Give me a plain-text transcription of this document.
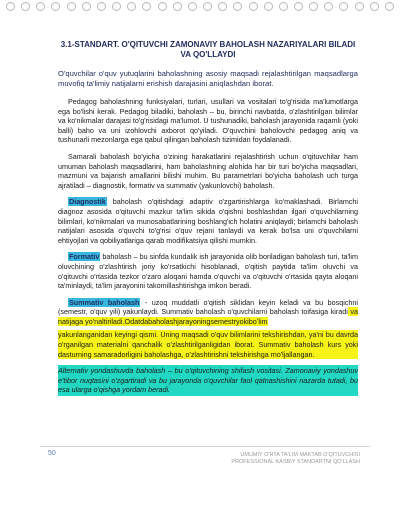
3.1-STANDART. O'QITUVCHI ZAMONAVIY BAHOLASH NAZARIYALARI BILADI VA QO'LLAYDI
O'quvchilar o'quv yutuqlarini baholashning asosiy maqsadi rejalashtirilgan maqsadlarga muvofiq ta'limiy natijalarni erishish darajasini aniqlashdan iborat.

Pedagog baholashning funksiyalari, turlari, usullari va vositalari to'g'risida ma'lumotlarga ega bo'lishi kerak. Pedagog biladiki, baholash – bu, birinchi navbatda, o'zlashtirilgan bilimlar va ko'nikmalar darajasi to'g'risidagi ma'lumot. U tushunadiki, baholash jarayonida raqamli (yoki balli) baho va uni izohlovchi axborot qo'yiladi. O'quvchini baholovchi pedagog aniq va tushunarli mezonlarga ega qabul qilingan baholash tizimidan foydalanadi.

Samarali baholash bo'yicha o'zining harakatlarini rejalashtirish uchun o'qituvchilar ham umuman baholash maqsadlarini, ham baholashning alohida har bir turi bo'yicha maqsadlari, mazmuni va bajarish amallarini bilishi muhim. Bu parametrlari bo'yicha baholash uch turga ajratiladi – diagnostik, formativ va summativ (yakunlovchi) baholash.

Diagnostik baholash o'qitishdagi adaptiv o'zgartirishlarga ko'maklashadi. Birlamchi diagnoz asosida o'qituvchi mazkur ta'lim sikida o'qishni boshlashdan ilgari o'quvchilarning bilimlari, ko'nikmalari va munosabatlarining boshlang'ich holatini aniqlaydi; birlamchi baholash natijalari asosida o'quvchi to'g'risi o'quv rejani tanlaydi va kerak bo'lsa uni o'quvchilarni ehtiyojlari va qobiliyatlariga qarab modifikatsiya qilishi mumkin.

Formativ baholash – bu sinfda kundalik ish jarayonida olib boriladigan baholash turi, ta'lim oluvchining o'zlashtirish joriy ko'rsatkichi hisoblanadi, o'qitish paytida ta'lim oluvchi va o'qituvchi o'rtasida tezkor o'zaro aloqani hamda o'quvchi va o'qituvchi o'rtasida qayta aloqani ta'minlaydi, ta'lim jarayonini takomillashtirishga imkon beradi.

Summativ baholash - uzoq muddatli o'qitish siklidan keyin keladi va bu bosqichni (semestr, o'quv yili) yakunlaydi. Summativ baholash o'quvchilarni baholash toifasiga kiradi va natijaga yo'naltiriladi.Odatdabaholashjarayoningsemestryokiboʻlim

yakunlanganidan keyingi qismi. Uning maqsadi o'quv bilimlarini tekshirishdan, ya'ni bu davrda o'rganilgan materialni qanchalik o'zlashtirilganligidan iborat. Summativ baholash kurs yoki dasturning samaradorligini baholashga, o'zlashtirishni tekshirishga mo'ljallangan.
Alternativ yondashuvda baholash – bu o'qituvchining shifash vositasi. Zamonaviy yondashuv e'tibor nuqtasini o'zgartiradi va bu jarayonda o'quvchilar faol qatnashishini nazarda tutadi, bu esa ularga o'qishga yordam beradi.
50	UMUMIY O'RTA TA'LIM MAKTAB O'QITUVCHISI PROFESSIONAL KASBIY STANDARTNI QO'LLASH
